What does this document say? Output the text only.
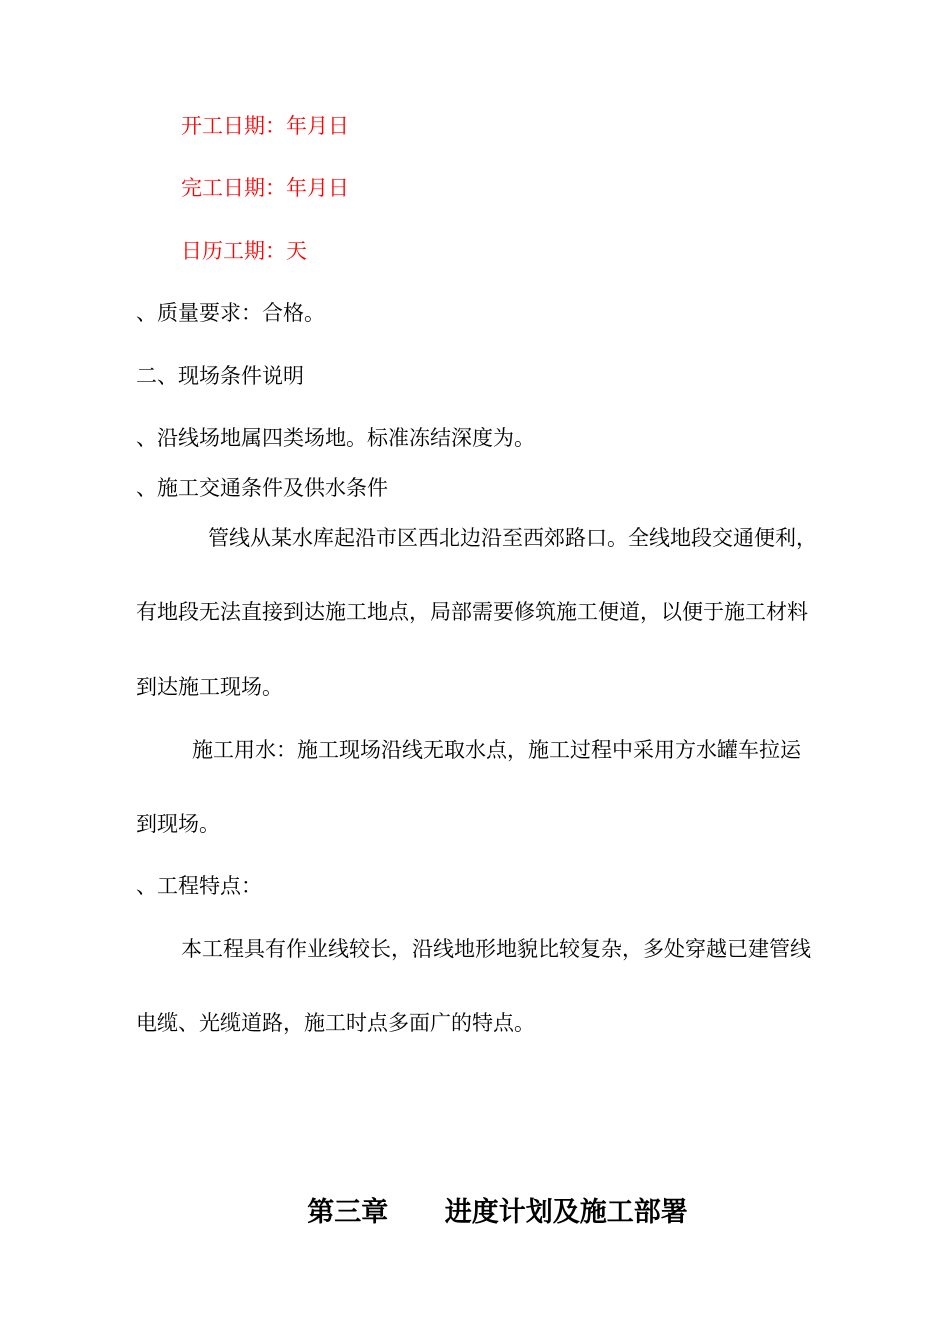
开工日期：年月日
完工日期：年月日
日历工期：天
、质量要求：合格。
二、现场条件说明
、沿线场地属四类场地。标准冻结深度为。
、施工交通条件及供水条件
管线从某水库起沿市区西北边沿至西郊路口。全线地段交通便利，
有地段无法直接到达施工地点，局部需要修筑施工便道，以便于施工材料
到达施工现场。
施工用水：施工现场沿线无取水点，施工过程中采用方水罐车拉运
到现场。
、工程特点：
本工程具有作业线较长，沿线地形地貌比较复杂，多处穿越已建管线
电缆、光缆道路，施工时点多面广的特点。
第三章      进度计划及施工部署
